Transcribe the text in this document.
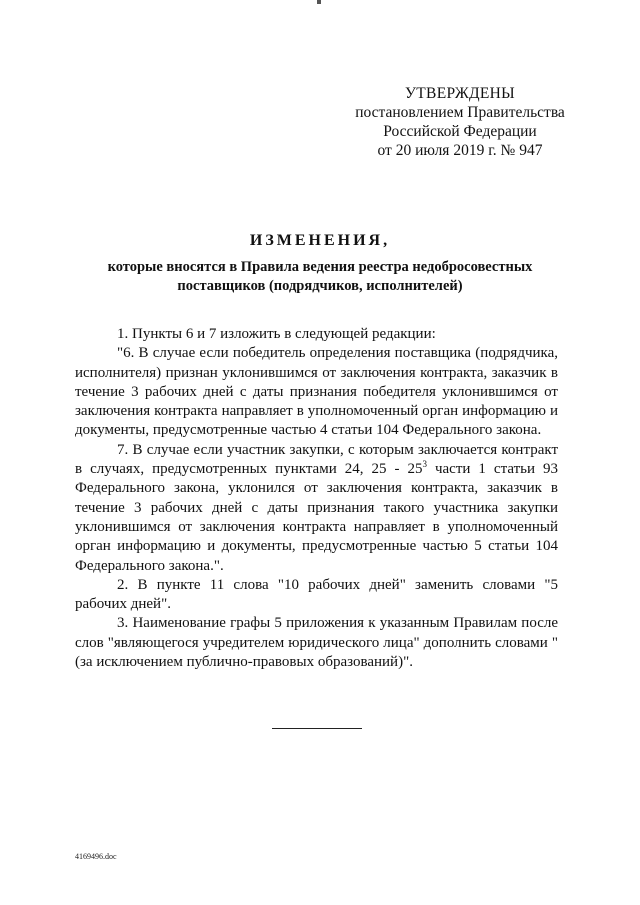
УТВЕРЖДЕНЫ
постановлением Правительства
Российской Федерации
от 20 июля 2019 г. № 947
ИЗМЕНЕНИЯ,
которые вносятся в Правила ведения реестра недобросовестных
поставщиков (подрядчиков, исполнителей)

1. Пункты 6 и 7 изложить в следующей редакции:

"6. В случае если победитель определения поставщика (подрядчика, исполнителя) признан уклонившимся от заключения контракта, заказчик в течение 3 рабочих дней с даты признания победителя уклонившимся от заключения контракта направляет в уполномоченный орган информацию и документы, предусмотренные частью 4 статьи 104 Федерального закона.

7. В случае если участник закупки, с которым заключается контракт в случаях, предусмотренных пунктами 24, $25 - 25^3$ части 1 статьи 93 Федерального закона, уклонился от заключения контракта, заказчик в течение 3 рабочих дней с даты признания такого участника закупки уклонившимся от заключения контракта направляет в уполномоченный орган информацию и документы, предусмотренные частью 5 статьи 104 Федерального закона.".

2. В пункте 11 слова "10 рабочих дней" заменить словами "5 рабочих дней".

3. Наименование графы 5 приложения к указанным Правилам после слов "являющегося учредителем юридического лица" дополнить словами "(за исключением публично-правовых образований)".

4169496.doc
